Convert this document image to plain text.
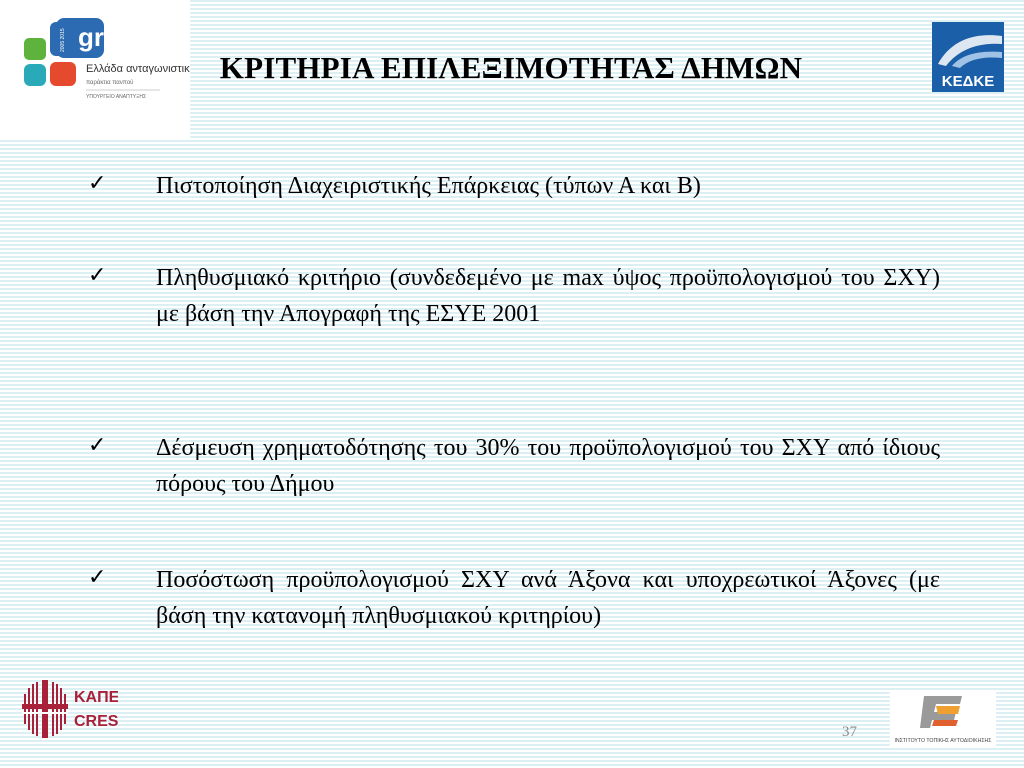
gr
2005 2015
Ελλάδα ανταγωνιστική
παράκτια πανπού
ΥΠΟΥΡΓΕΙΟ ΑΝΑΠΤΥΞΗΣ
ΚΡΙΤΗΡΙΑ ΕΠΙΛΕΞΙΜΟΤΗΤΑΣ ΔΗΜΩΝ	ΚΕΔΚΕ
✓	Πιστοποίηση Διαχειριστικής Επάρκειας (τύπων Α και Β)
✓	Πληθυσμιακό κριτήριο (συνδεδεμένο με max ύψος προϋπολογισμού του ΣΧΥ) με βάση την Απογραφή της ΕΣΥΕ 2001
✓	Δέσμευση χρηματοδότησης του 30% του προϋπολογισμού του ΣΧΥ από ίδιους πόρους του Δήμου
✓	Ποσόστωση προϋπολογισμού ΣΧΥ ανά Άξονα και υποχρεωτικοί Άξονες (με βάση την κατανομή πληθυσμιακού κριτηρίου)
ΚΑΠΕ
CRES
37
ΙΝΣΤΙΤΟΥΤΟ ΤΟΠΙΚΗΣ ΑΥΤΟΔΙΟΙΚΗΣΗΣ
